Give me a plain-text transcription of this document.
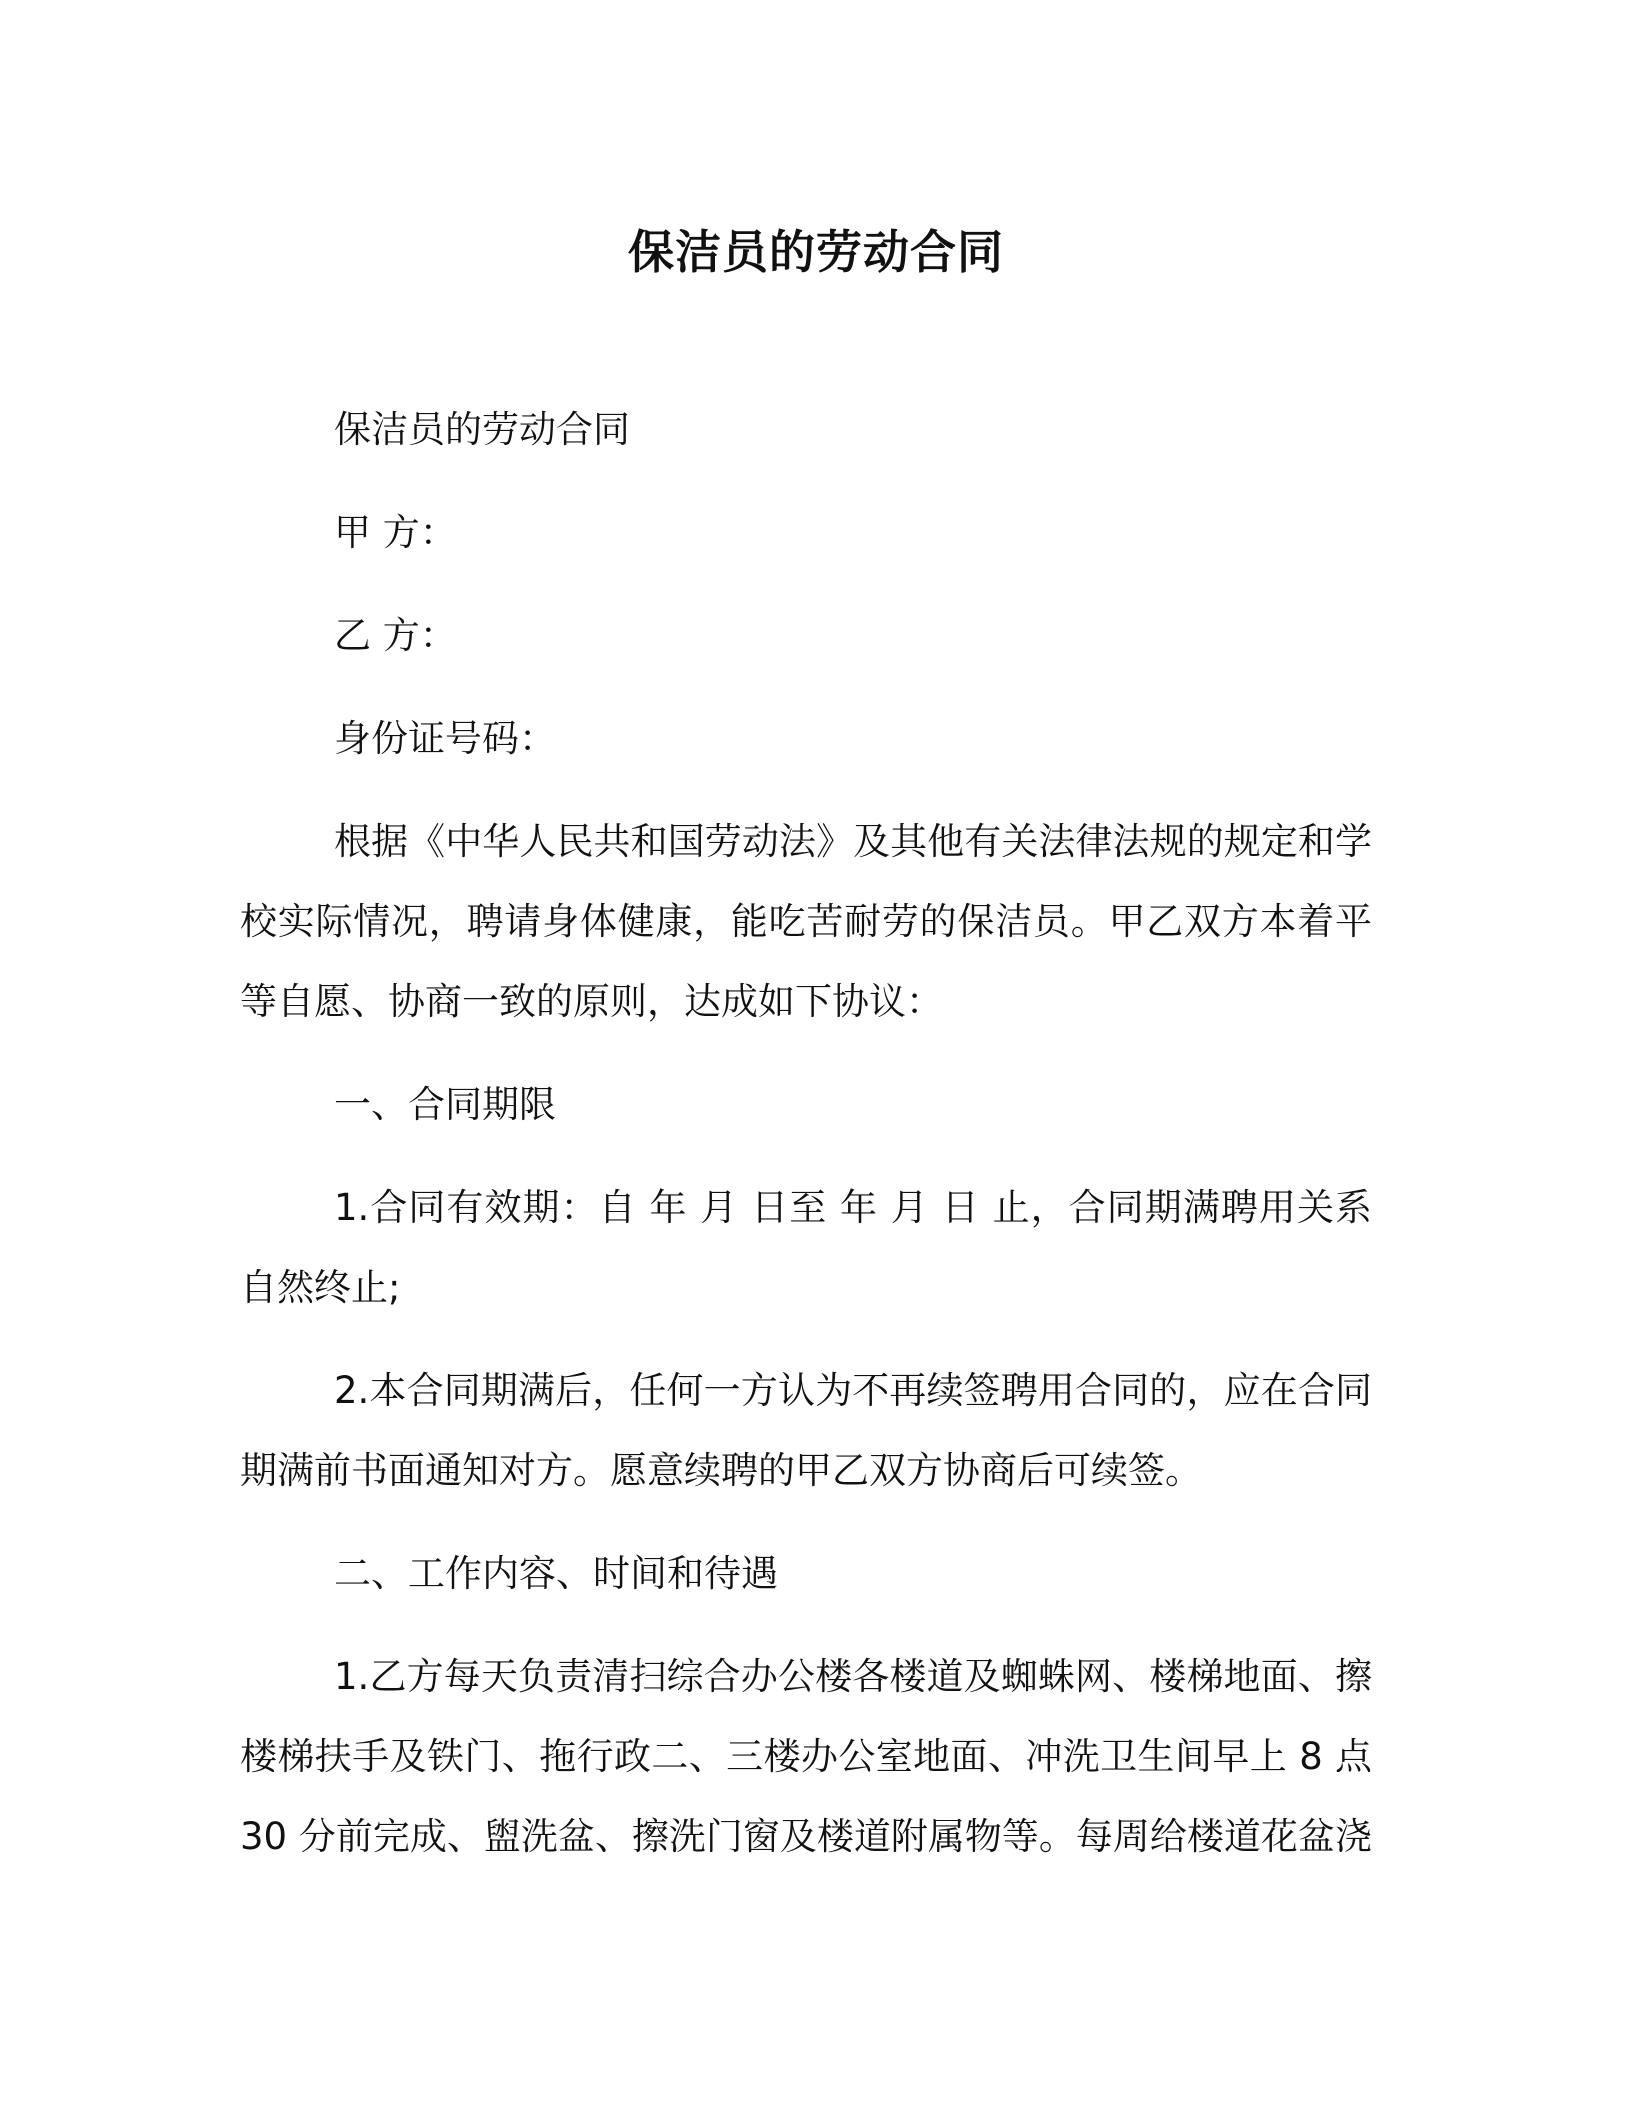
保洁员的劳动合同

保洁员的劳动合同

甲 方：

乙 方：

身份证号码：

根据《中华人民共和国劳动法》及其他有关法律法规的规定和学校实际情况，聘请身体健康，能吃苦耐劳的保洁员。甲乙双方本着平等自愿、协商一致的原则，达成如下协议：

一、合同期限

1.合同有效期：自 年 月 日至 年 月 日 止，合同期满聘用关系自然终止;

2.本合同期满后，任何一方认为不再续签聘用合同的，应在合同期满前书面通知对方。愿意续聘的甲乙双方协商后可续签。

二、工作内容、时间和待遇

1.乙方每天负责清扫综合办公楼各楼道及蜘蛛网、楼梯地面、擦楼梯扶手及铁门、拖行政二、三楼办公室地面、冲洗卫生间早上 8 点 30 分前完成、盥洗盆、擦洗门窗及楼道附属物等。每周给楼道花盆浇
